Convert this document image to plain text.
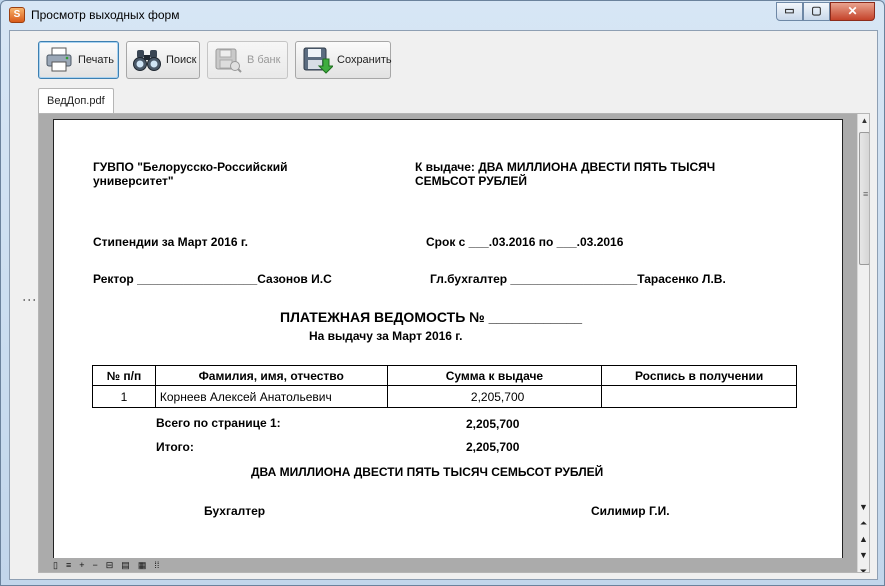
S Просмотр выходных форм	▭	▢	✕
Печать	Поиск	В банк	Сохранить
ВедДоп.pdf
⋮
ГУВПО "Белорусско-Российский
университет"
К выдаче: ДВА МИЛЛИОНА ДВЕСТИ ПЯТЬ ТЫСЯЧ
СЕМЬСОТ РУБЛЕЙ
Стипендии за Март 2016 г.	Срок с ___.03.2016 по ___.03.2016
Ректор __________________Сазонов И.С	Гл.бухгалтер ___________________Тарасенко Л.В.
ПЛАТЕЖНАЯ ВЕДОМОСТЬ № ____________
На выдачу за Март 2016 г.
№ п/п	Фамилия, имя, отчество	Сумма к выдаче	Роспись в получении
1	Корнеев Алексей Анатольевич	2,205,700	
Всего по странице 1:	2,205,700
Итого:	2,205,700
ДВА МИЛЛИОНА ДВЕСТИ ПЯТЬ ТЫСЯЧ СЕМЬСОТ РУБЛЕЙ
Бухгалтер	Силимир Г.И.
▯ ≡ + − ⊟ ▤ ▦ ⁞⁞
▲
≡
▼
⏶
▲
▼
⏷
